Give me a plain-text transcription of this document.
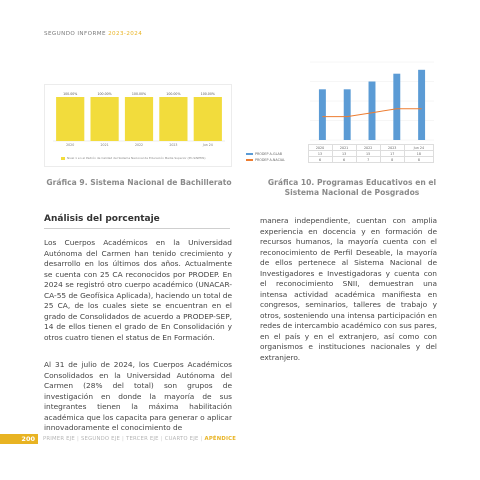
SEGUNDO INFORME 2023-2024
100.00%
2020
100.00%
2021
100.00%
2022
100.00%
2023
100.00%
Jun 24
Nivel 1 en el Padrón de Calidad del Sistema Nacional de Educación Media Superior (PC-SiNEMS)
	2020	2021	2022	2023	Jun 24
PRODEP A-GLAB	13	13	15	17	18
PRODEP A-NACIAL	6	6	7	8	8
Gráfica 9. Sistema Nacional de Bachillerato	Gráfica 10. Programas Educativos en el Sistema Nacional de Posgrados
Análisis del porcentaje
Los Cuerpos Académicos en la Universidad Autónoma del Carmen han tenido crecimiento y desarrollo en los últimos dos años. Actualmente se cuenta con 25 CA reconocidos por PRODEP. En 2024 se registró otro cuerpo académico (UNACAR-CA-55 de Geofísica Aplicada), haciendo un total de 25 CA, de los cuales siete se encuentran en el grado de Consolidados de acuerdo a PRODEP-SEP, 14 de ellos tienen el grado de En Consolidación y otros cuatro tienen el status de En Formación.
Al 31 de julio de 2024, los Cuerpos Académicos Consolidados en la Universidad Autónoma del Carmen (28% del total) son grupos de investigación en donde la mayoría de sus integrantes tienen la máxima habilitación académica que los capacita para generar o aplicar innovadoramente el conocimiento de
manera independiente, cuentan con amplia experiencia en docencia y en formación de recursos humanos, la mayoría cuenta con el reconocimiento de Perfil Deseable, la mayoría de ellos pertenece al Sistema Nacional de Investigadores e Investigadoras y cuenta con el reconocimiento SNII, demuestran una intensa actividad académica manifiesta en congresos, seminarios, talleres de trabajo y otros, sosteniendo una intensa participación en redes de intercambio académico con sus pares, en el país y en el extranjero, así como con organismos e instituciones nacionales y del extranjero.
200	PRIMER EJE | SEGUNDO EJE | TERCER EJE | CUARTO EJE | APÉNDICE
